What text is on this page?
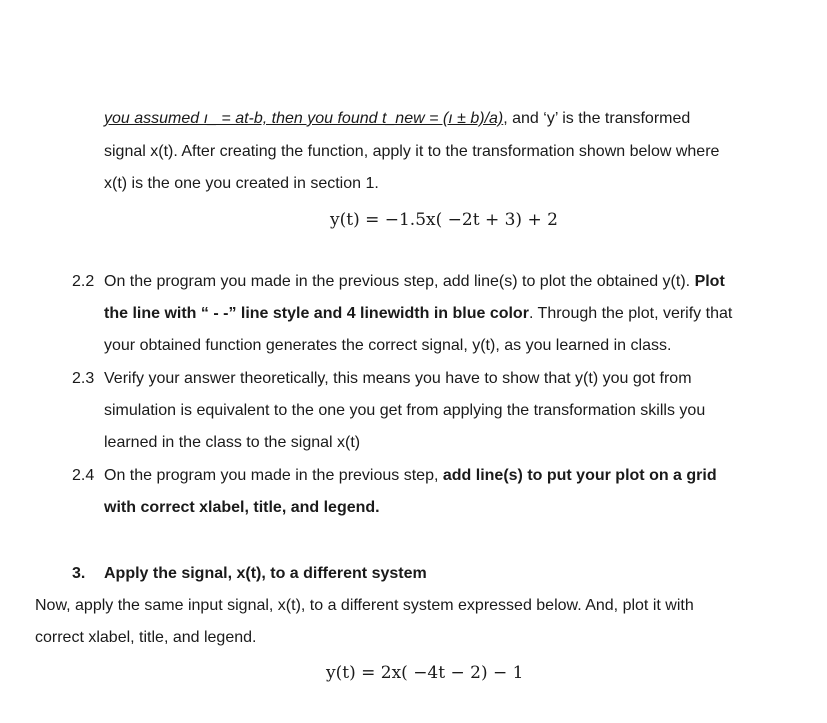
you assumed ı_ = at-b, then you found t_new = (ı ± b)/a), and ‘y’ is the transformed
signal x(t). After creating the function, apply it to the transformation shown below where
x(t) is the one you created in section 1.
y(t) = −1.5x( −2t + 3) + 2
2.2 On the program you made in the previous step, add line(s) to plot the obtained y(t). Plot
the line with “ - -” line style and 4 linewidth in blue color. Through the plot, verify that
your obtained function generates the correct signal, y(t), as you learned in class.
2.3 Verify your answer theoretically, this means you have to show that y(t) you got from
simulation is equivalent to the one you get from applying the transformation skills you
learned in the class to the signal x(t)
2.4 On the program you made in the previous step, add line(s) to put your plot on a grid
with correct xlabel, title, and legend.
3. Apply the signal, x(t), to a different system
Now, apply the same input signal, x(t), to a different system expressed below. And, plot it with
correct xlabel, title, and legend.
y(t) = 2x( −4t − 2) − 1
